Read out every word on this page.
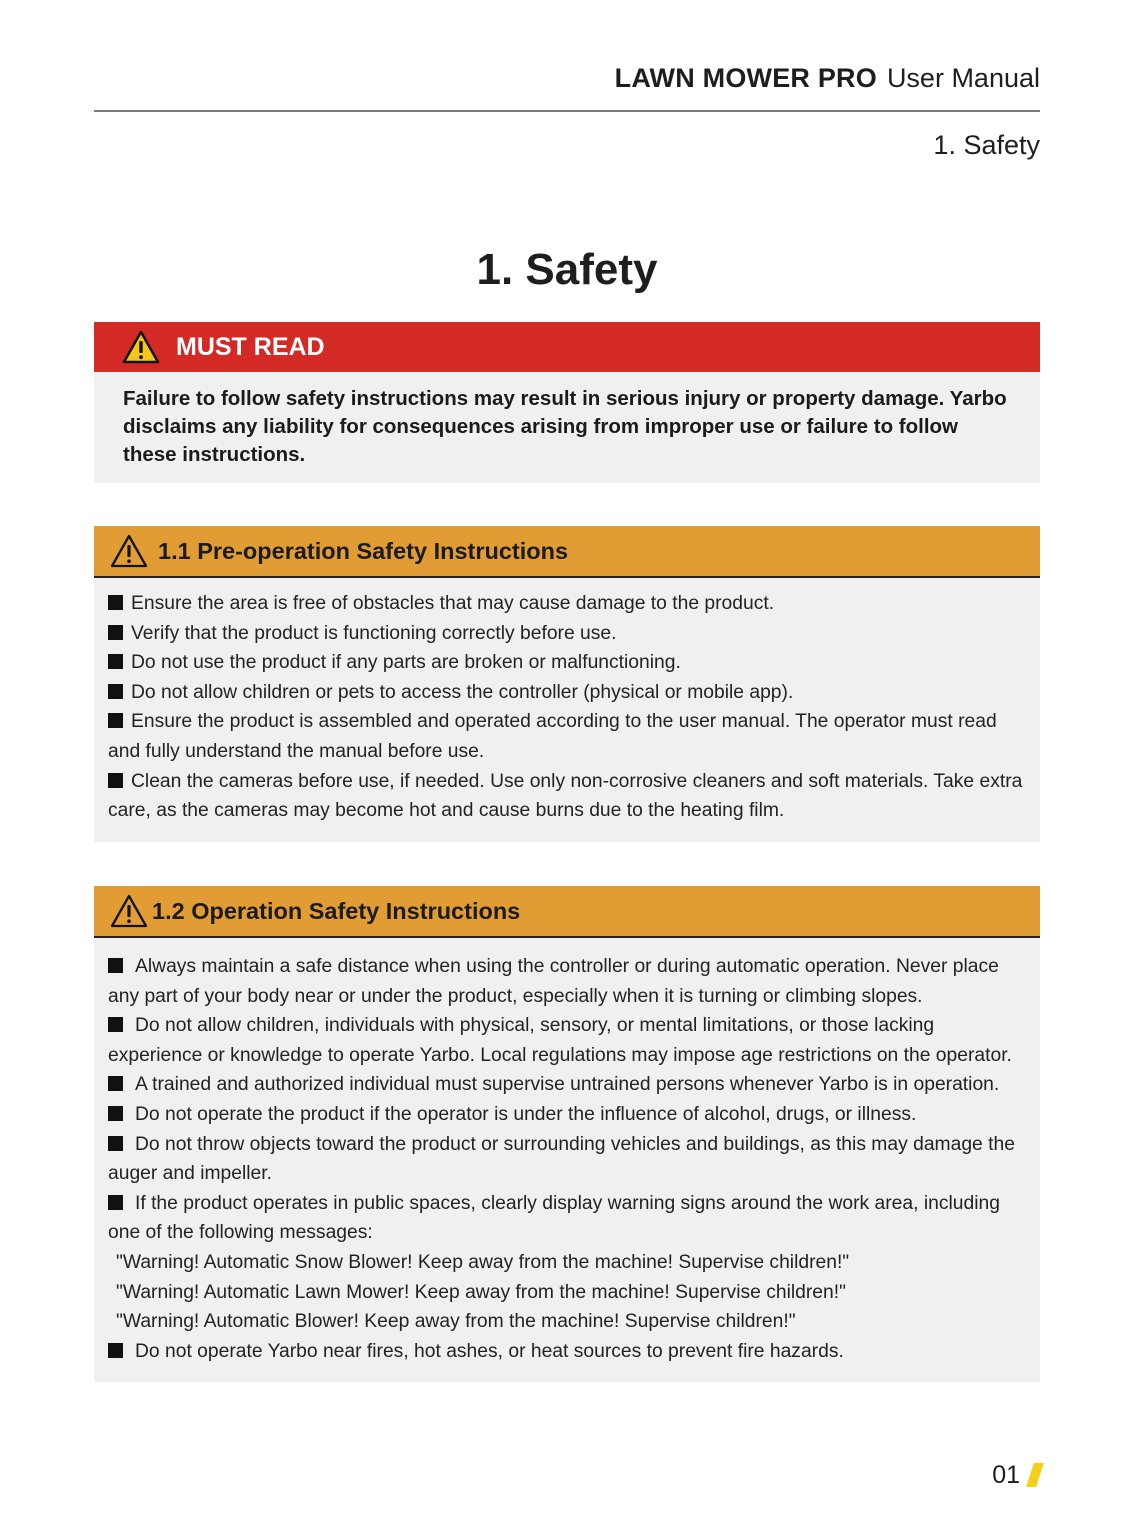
LAWN MOWER PRO User Manual
1. Safety
1. Safety
MUST READ
Failure to follow safety instructions may result in serious injury or property damage. Yarbo disclaims any liability for consequences arising from improper use or failure to follow these instructions.
1.1 Pre-operation Safety Instructions

Ensure the area is free of obstacles that may cause damage to the product.

Verify that the product is functioning correctly before use.

Do not use the product if any parts are broken or malfunctioning.

Do not allow children or pets to access the controller (physical or mobile app).

Ensure the product is assembled and operated according to the user manual. The operator must read and fully understand the manual before use.

Clean the cameras before use, if needed. Use only non-corrosive cleaners and soft materials. Take extra care, as the cameras may become hot and cause burns due to the heating film.

1.2 Operation Safety Instructions

Always maintain a safe distance when using the controller or during automatic operation. Never place any part of your body near or under the product, especially when it is turning or climbing slopes.

Do not allow children, individuals with physical, sensory, or mental limitations, or those lacking experience or knowledge to operate Yarbo. Local regulations may impose age restrictions on the operator.

A trained and authorized individual must supervise untrained persons whenever Yarbo is in operation.

Do not operate the product if the operator is under the influence of alcohol, drugs, or illness.

Do not throw objects toward the product or surrounding vehicles and buildings, as this may damage the auger and impeller.

If the product operates in public spaces, clearly display warning signs around the work area, including one of the following messages:

"Warning! Automatic Snow Blower! Keep away from the machine! Supervise children!"

"Warning! Automatic Lawn Mower! Keep away from the machine! Supervise children!"

"Warning! Automatic Blower! Keep away from the machine! Supervise children!"

Do not operate Yarbo near fires, hot ashes, or heat sources to prevent fire hazards.

01
